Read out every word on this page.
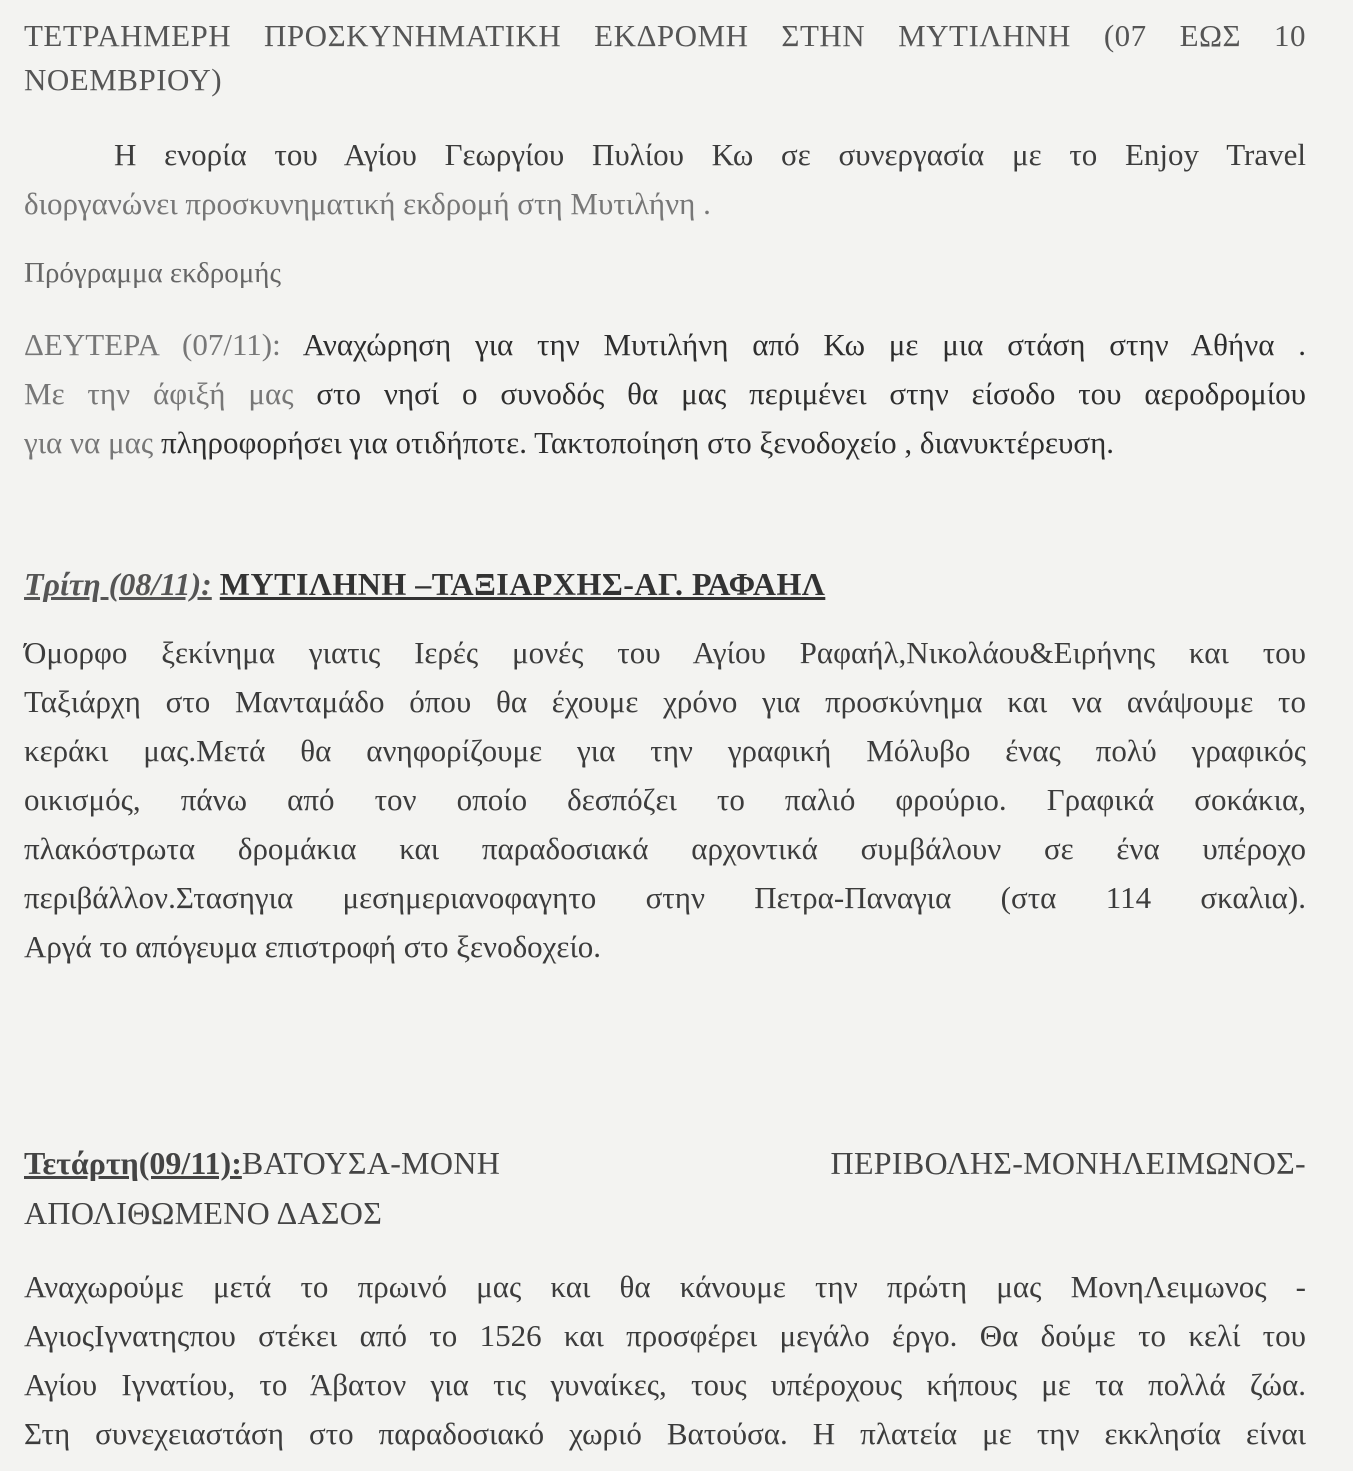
ΤΕΤΡΑΗΜΕΡΗ ΠΡΟΣΚΥΝΗΜΑΤΙΚΗ ΕΚΔΡΟΜΗ ΣΤΗΝ ΜΥΤΙΛΗΝΗ (07 ΕΩΣ 10
ΝΟΕΜΒΡΙΟΥ)
Η ενορία του Αγίου Γεωργίου Πυλίου Κω σε συνεργασία με το Enjoy Travel
διοργανώνει προσκυνηματική εκδρομή στη Μυτιλήνη .
Πρόγραμμα εκδρομής
ΔΕΥΤΕΡΑ (07/11): Αναχώρηση για την Μυτιλήνη από Κω με μια στάση στην Αθήνα .
Με την άφιξή μας στο νησί ο συνοδός θα μας περιμένει στην είσοδο του αεροδρομίου
για να μας πληροφορήσει για οτιδήποτε. Τακτοποίηση στο ξενοδοχείο , διανυκτέρευση.
Τρίτη (08/11): ΜΥΤΙΛΗΝΗ –ΤΑΞΙΑΡΧΗΣ-ΑΓ. ΡΑΦΑΗΛ
Όμορφο ξεκίνημα γιατις Ιερές μονές του Αγίου Ραφαήλ,Νικολάου&Ειρήνης και του
Ταξιάρχη στο Μανταμάδο όπου θα έχουμε χρόνο για προσκύνημα και να ανάψουμε το
κεράκι μας.Μετά θα ανηφορίζουμε για την γραφική Μόλυβο ένας πολύ γραφικός
οικισμός, πάνω από τον οποίο δεσπόζει το παλιό φρούριο. Γραφικά σοκάκια,
πλακόστρωτα δρομάκια και παραδοσιακά αρχοντικά συμβάλουν σε ένα υπέροχο
περιβάλλον.Στασηγια μεσημεριανοφαγητο στην Πετρα-Παναγια (στα 114 σκαλια).
Αργά το απόγευμα επιστροφή στο ξενοδοχείο.
Τετάρτη(09/11):ΒΑΤΟΥΣΑ-ΜΟΝΗ	ΠΕΡΙΒΟΛΗΣ-ΜΟΝΗΛΕΙΜΩΝΟΣ-
ΑΠΟΛΙΘΩΜΕΝΟ ΔΑΣΟΣ
Αναχωρούμε μετά το πρωινό μας και θα κάνουμε την πρώτη μας ΜονηΛειμωνος -
ΑγιοςΙγνατηςπου στέκει από το 1526 και προσφέρει μεγάλο έργο. Θα δούμε το κελί του
Αγίου Ιγνατίου, το Άβατον για τις γυναίκες, τους υπέροχους κήπους με τα πολλά ζώα.
Στη συνεχειαστάση στο παραδοσιακό χωριό Βατούσα. Η πλατεία με την εκκλησία είναι
